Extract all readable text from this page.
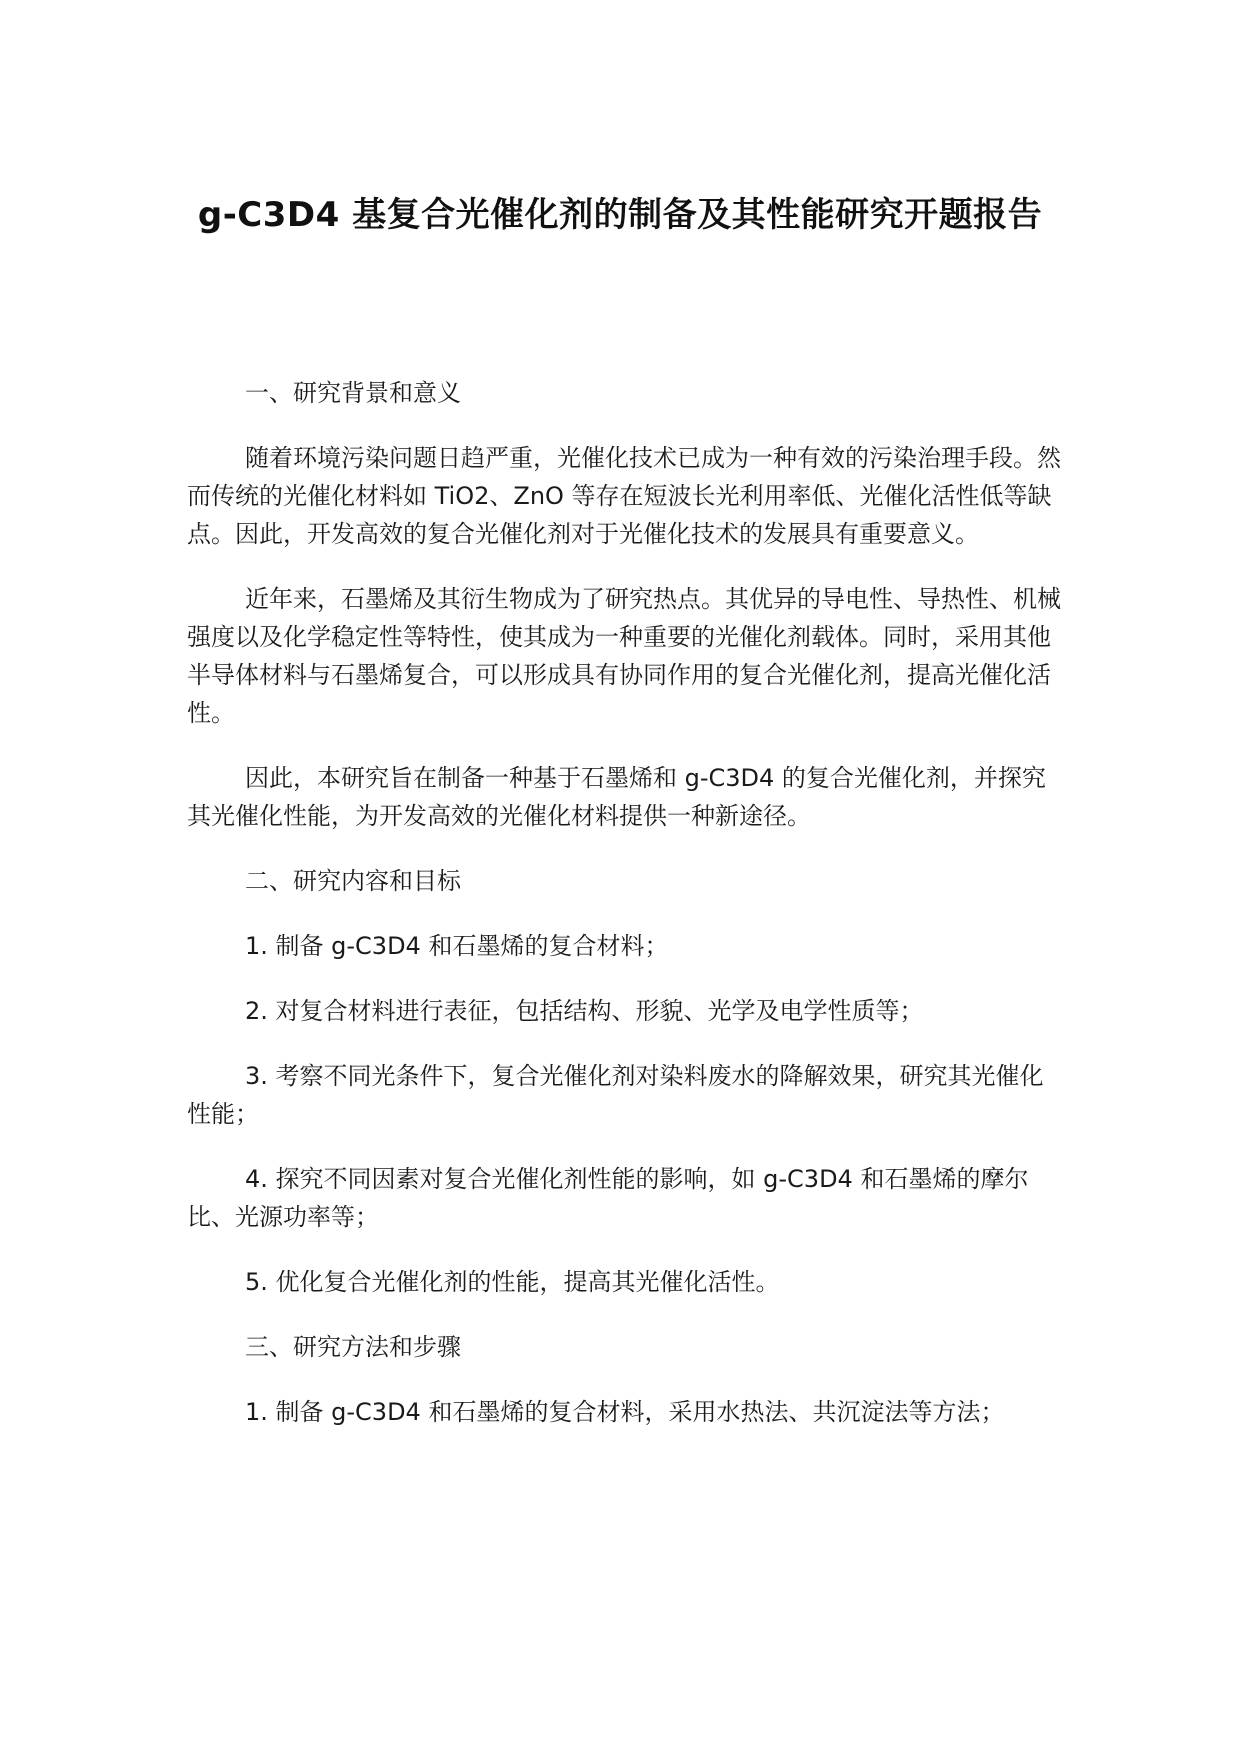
g-C3D4 基复合光催化剂的制备及其性能研究开题报告

一、研究背景和意义

随着环境污染问题日趋严重，光催化技术已成为一种有效的污染治理手段。然而传统的光催化材料如 TiO2、ZnO 等存在短波长光利用率低、光催化活性低等缺点。因此，开发高效的复合光催化剂对于光催化技术的发展具有重要意义。

近年来，石墨烯及其衍生物成为了研究热点。其优异的导电性、导热性、机械强度以及化学稳定性等特性，使其成为一种重要的光催化剂载体。同时，采用其他半导体材料与石墨烯复合，可以形成具有协同作用的复合光催化剂，提高光催化活性。

因此，本研究旨在制备一种基于石墨烯和 g-C3D4 的复合光催化剂，并探究其光催化性能，为开发高效的光催化材料提供一种新途径。

二、研究内容和目标

1. 制备 g-C3D4 和石墨烯的复合材料；

2. 对复合材料进行表征，包括结构、形貌、光学及电学性质等；

3. 考察不同光条件下，复合光催化剂对染料废水的降解效果，研究其光催化性能；

4. 探究不同因素对复合光催化剂性能的影响，如 g-C3D4 和石墨烯的摩尔比、光源功率等；

5. 优化复合光催化剂的性能，提高其光催化活性。

三、研究方法和步骤

1. 制备 g-C3D4 和石墨烯的复合材料，采用水热法、共沉淀法等方法；
